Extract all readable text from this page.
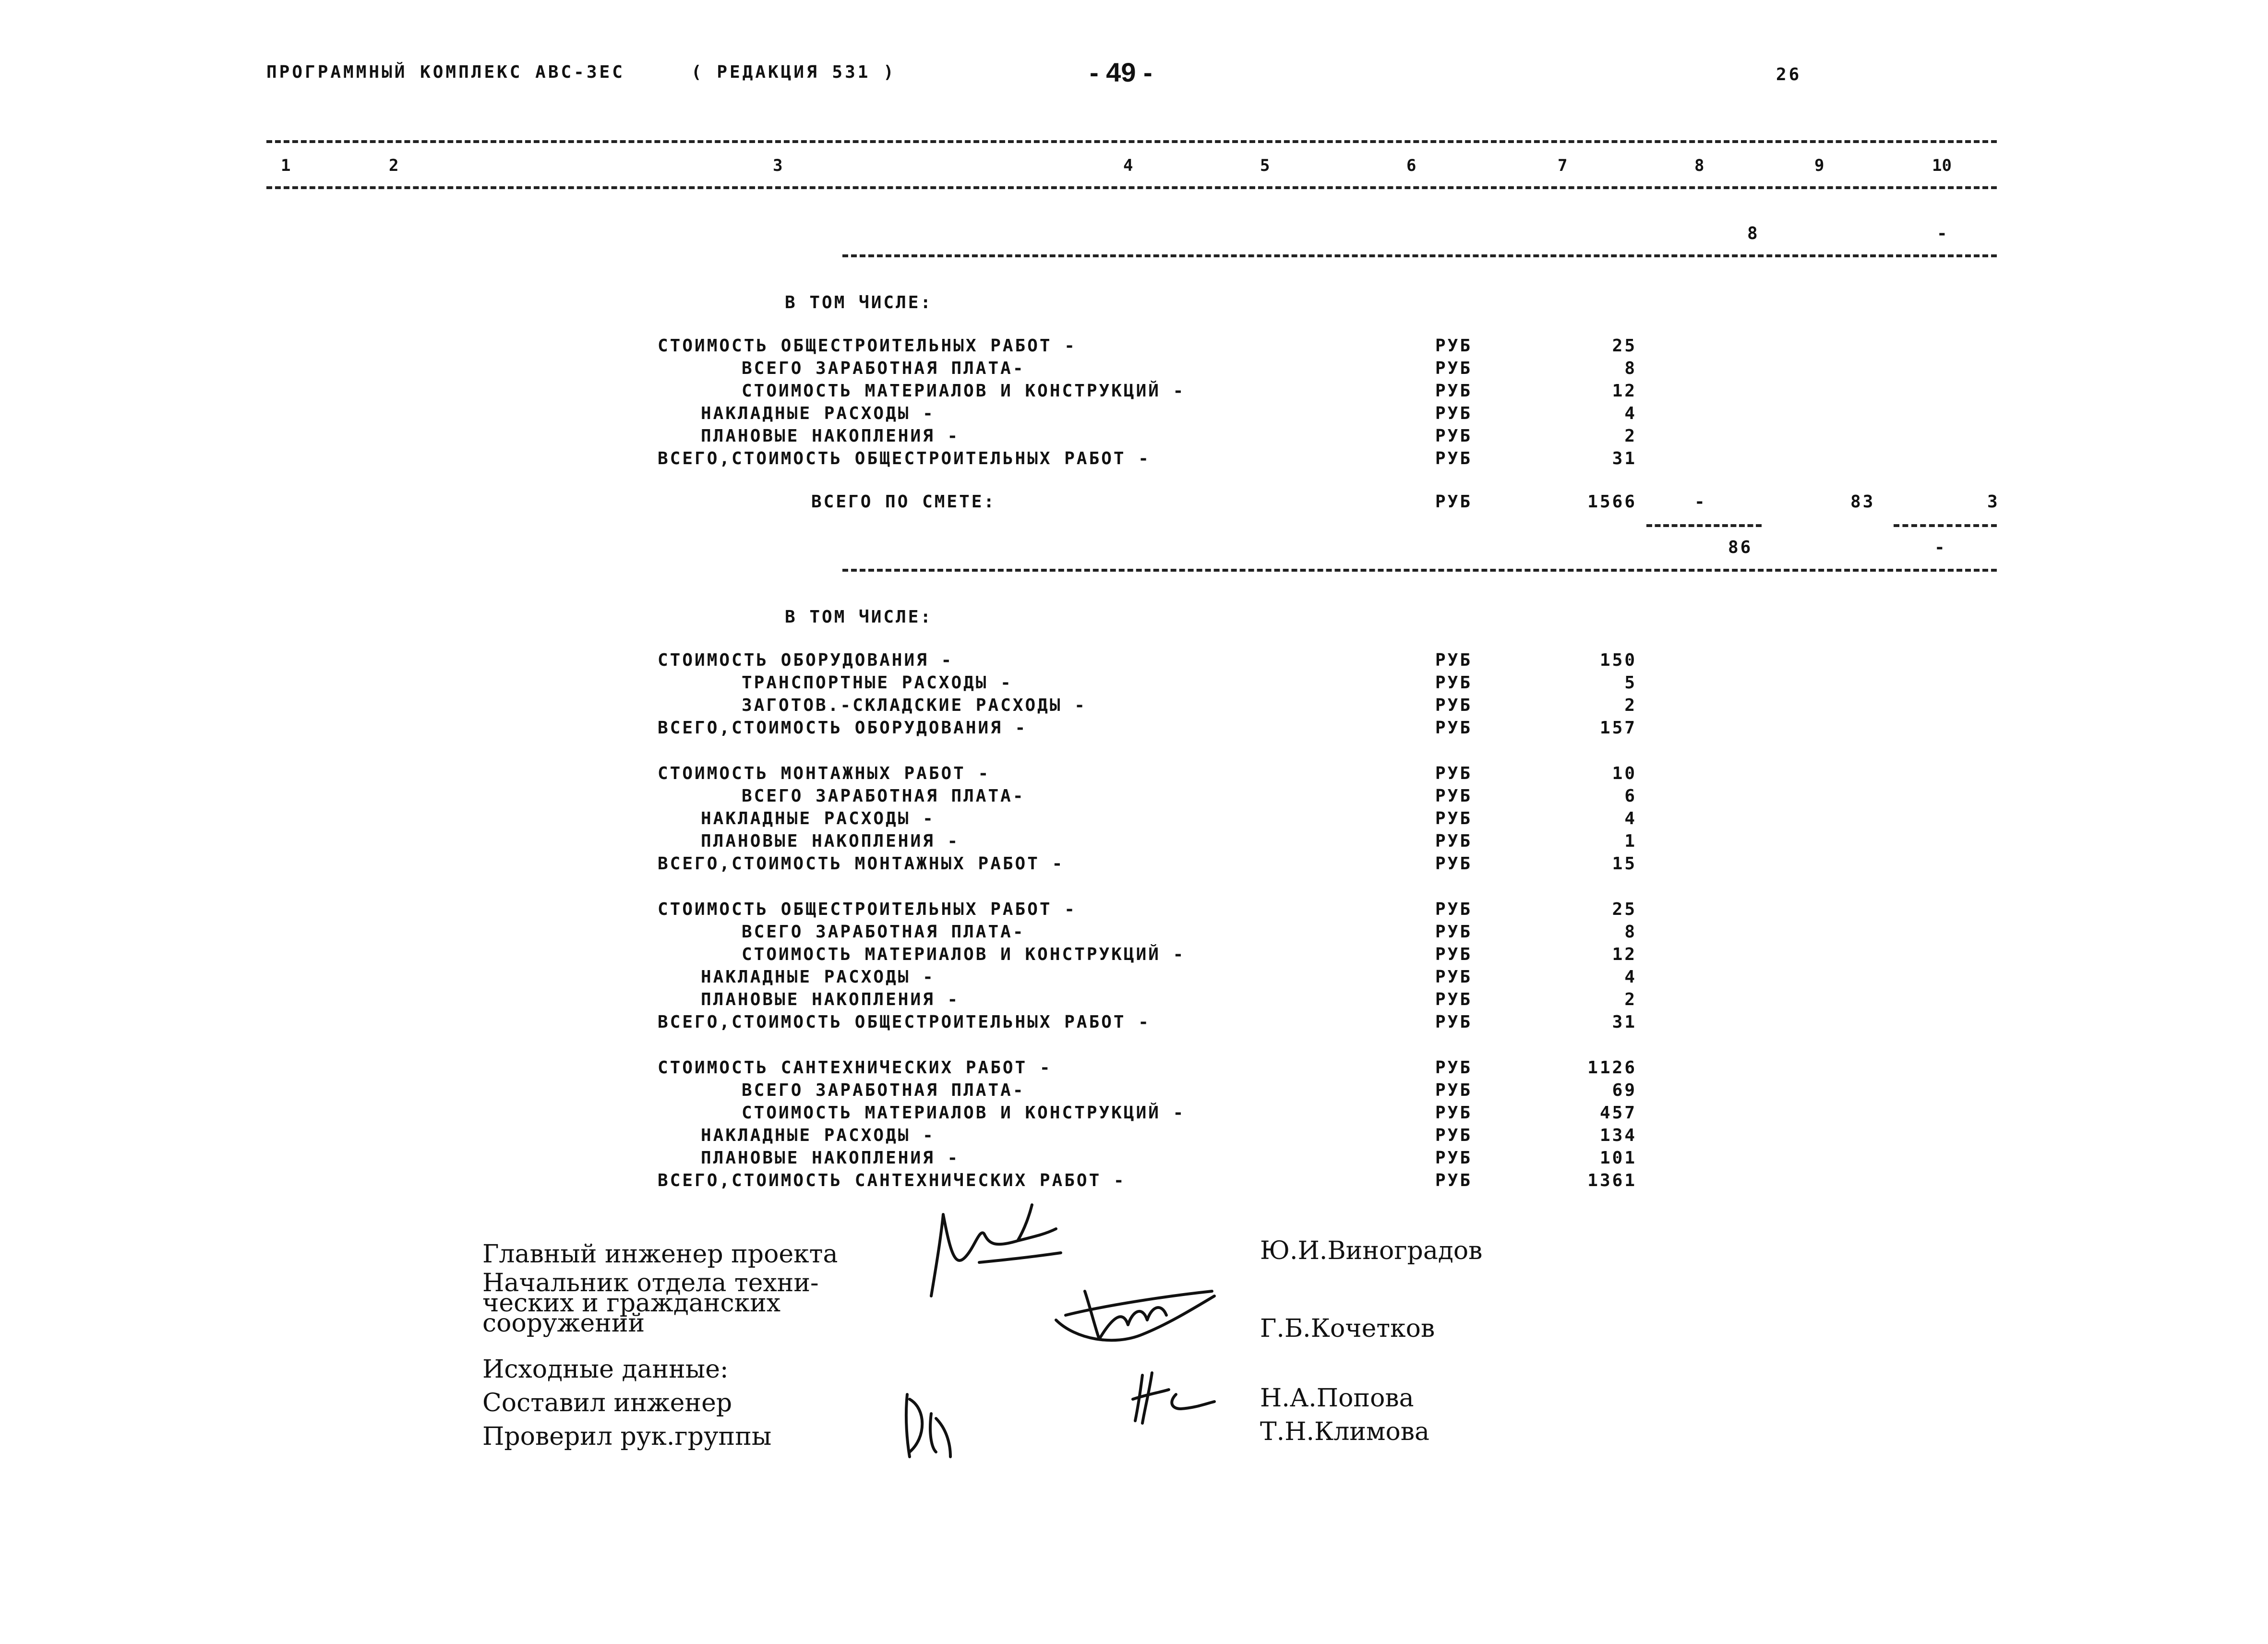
ПРОГРАММНЫЙ КОМПЛЕКС АВС-ЗЕС	( РЕДАКЦИЯ 531 )	- 49 -	26
1	2	3	4	5	6	7	8	9	10
8	-
В ТОМ ЧИСЛЕ:
СТОИМОСТЬ ОБЩЕСТРОИТЕЛЬНЫХ РАБОТ -	РУБ	25
ВСЕГО ЗАРАБОТНАЯ ПЛАТА-	РУБ	8
СТОИМОСТЬ МАТЕРИАЛОВ И КОНСТРУКЦИЙ -	РУБ	12
НАКЛАДНЫЕ РАСХОДЫ -	РУБ	4
ПЛАНОВЫЕ НАКОПЛЕНИЯ -	РУБ	2
ВСЕГО,СТОИМОСТЬ ОБЩЕСТРОИТЕЛЬНЫХ РАБОТ -	РУБ	31
ВСЕГО ПО СМЕТЕ:	РУБ	1566	-	83	3
86	-
В ТОМ ЧИСЛЕ:
СТОИМОСТЬ ОБОРУДОВАНИЯ -	РУБ	150
ТРАНСПОРТНЫЕ РАСХОДЫ -	РУБ	5
ЗАГОТОВ.-СКЛАДСКИЕ РАСХОДЫ -	РУБ	2
ВСЕГО,СТОИМОСТЬ ОБОРУДОВАНИЯ -	РУБ	157
СТОИМОСТЬ МОНТАЖНЫХ РАБОТ -	РУБ	10
ВСЕГО ЗАРАБОТНАЯ ПЛАТА-	РУБ	6
НАКЛАДНЫЕ РАСХОДЫ -	РУБ	4
ПЛАНОВЫЕ НАКОПЛЕНИЯ -	РУБ	1
ВСЕГО,СТОИМОСТЬ МОНТАЖНЫХ РАБОТ -	РУБ	15
СТОИМОСТЬ ОБЩЕСТРОИТЕЛЬНЫХ РАБОТ -	РУБ	25
ВСЕГО ЗАРАБОТНАЯ ПЛАТА-	РУБ	8
СТОИМОСТЬ МАТЕРИАЛОВ И КОНСТРУКЦИЙ -	РУБ	12
НАКЛАДНЫЕ РАСХОДЫ -	РУБ	4
ПЛАНОВЫЕ НАКОПЛЕНИЯ -	РУБ	2
ВСЕГО,СТОИМОСТЬ ОБЩЕСТРОИТЕЛЬНЫХ РАБОТ -	РУБ	31
СТОИМОСТЬ САНТЕХНИЧЕСКИХ РАБОТ -	РУБ	1126
ВСЕГО ЗАРАБОТНАЯ ПЛАТА-	РУБ	69
СТОИМОСТЬ МАТЕРИАЛОВ И КОНСТРУКЦИЙ -	РУБ	457
НАКЛАДНЫЕ РАСХОДЫ -	РУБ	134
ПЛАНОВЫЕ НАКОПЛЕНИЯ -	РУБ	101
ВСЕГО,СТОИМОСТЬ САНТЕХНИЧЕСКИХ РАБОТ -	РУБ	1361
Главный инженер проекта
Начальник отдела техни-
ческих и гражданских
сооружений
Исходные данные:
Составил инженер
Проверил рук.группы
Ю.И.Виноградов
Г.Б.Кочетков
Н.А.Попова
Т.Н.Климова
